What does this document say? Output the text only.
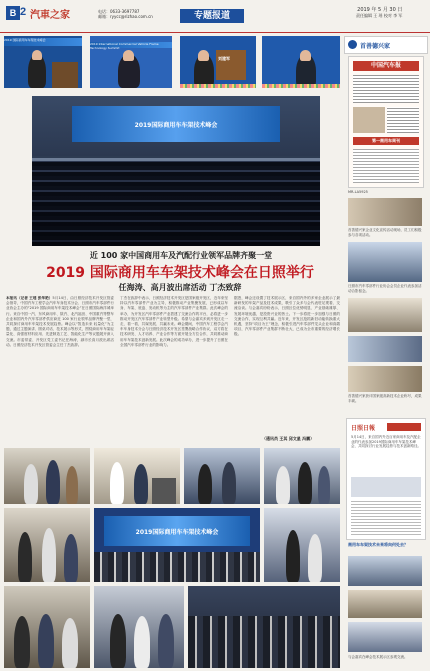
B 2 汽車之家	电话：0633-3697787
邮箱：ryycc@rizhao.com.cn	专题报道
2019 年 5 月 30 日
责任编辑 王 瑶 校对 李 军
2019 国际商用车车架技术峰会
2019 International Commercial Vehicle Frame Technology Summit
刘建军
2019国际商用车车架技术峰会
近 100 家中国商用车及汽配行业领军品牌齐聚一堂
2019 国际商用车车架技术峰会在日照举行
任海涛、高月波出席活动 丁杰致辞
本报讯（记者 王瑶 张华艳）5月14日，由日照经济技术开发区管委会指导，中国汽车工程学会汽车车身技术分会、日照市汽车零部件行业协会主办的“2019 国际商用车车架技术峰会”在日照国际海洋城举行。来自中国一汽、东风商用车、陕汽、北汽福田、中国重汽等整车企业和国内外汽车零部件供应商近 100 家行业领军品牌齐聚一堂，共同探讨商用车车架技术发展趋势。峰会以“智造未来 轻量化”为主题，通过主题演讲、圆桌对话、技术展示等形式，围绕商用车车架轻量化、高强度材料应用、先进制造工艺、智能化生产等议题展开深入交流。市委常委、开发区党工委书记任海涛，副市长高月波出席活动。日照经济技术开发区管委会主任丁杰致辞。
丁杰在致辞中表示，日照经济技术开发区是国家级开发区，近年来坚持以汽车零部件产业为主导，积极推动产业集聚发展，已形成以车身、车架、底盘、发动机等为主的汽车零部件产业集群。此次峰会的举办，为开发区汽车零部件产业搭建了交流合作的平台，必将进一步推动开发区汽车零部件产业转型升级。希望与会嘉宾多到开发区走一走、看一看，共谋发展、共赢未来。峰会期间，中国汽车工程学会汽车车身技术分会与日照经济技术开发区签署战略合作协议，双方将在技术研发、人才培养、产业合作等方面开展全方位合作，共同推动商用车车架技术创新发展。此次峰会的成功举办，进一步提升了日照在全国汽车零部件行业的影响力。
据悉，峰会还设置了技术展示区，来自国内外的多家企业展示了最新研发的车架产品及技术成果，吸引了众多与会代表驻足观看、交流洽谈。与会嘉宾纷纷表示，日照区位优势明显、产业基础雄厚、发展环境优越，是投资兴业的热土。下一步将进一步加强与日照的交流合作，实现互利共赢。近年来，开发区抢抓新旧动能转换重大机遇，坚持“项目为王”理念，积极引进汽车零部件龙头企业和高端项目，汽车零部件产业集群不断壮大，已成为全市重要的经济增长极。
（通讯员 王其 邱文星 冯鹏）
2019国际商用车车架技术峰会
首善德兴家
中国汽车报
第一商用车周刊
MR-LA5925
首善德兴家企业文化宣传活动现场，员工们积极参与各项活动。
日照市汽车零部件行业协会会员企业代表参加活动合影留念。
首善德兴家获评国家级高新技术企业称号，成果丰硕。
日照日報
5月14日，来自国内外近百家商用车及汽配企业的代表参加2019国际商用车车架技术峰会，共同探讨行业发展趋势与技术创新路径。
商用车车架技术未来将向何处去？
与会嘉宾在峰会技术展示区参观交流。
